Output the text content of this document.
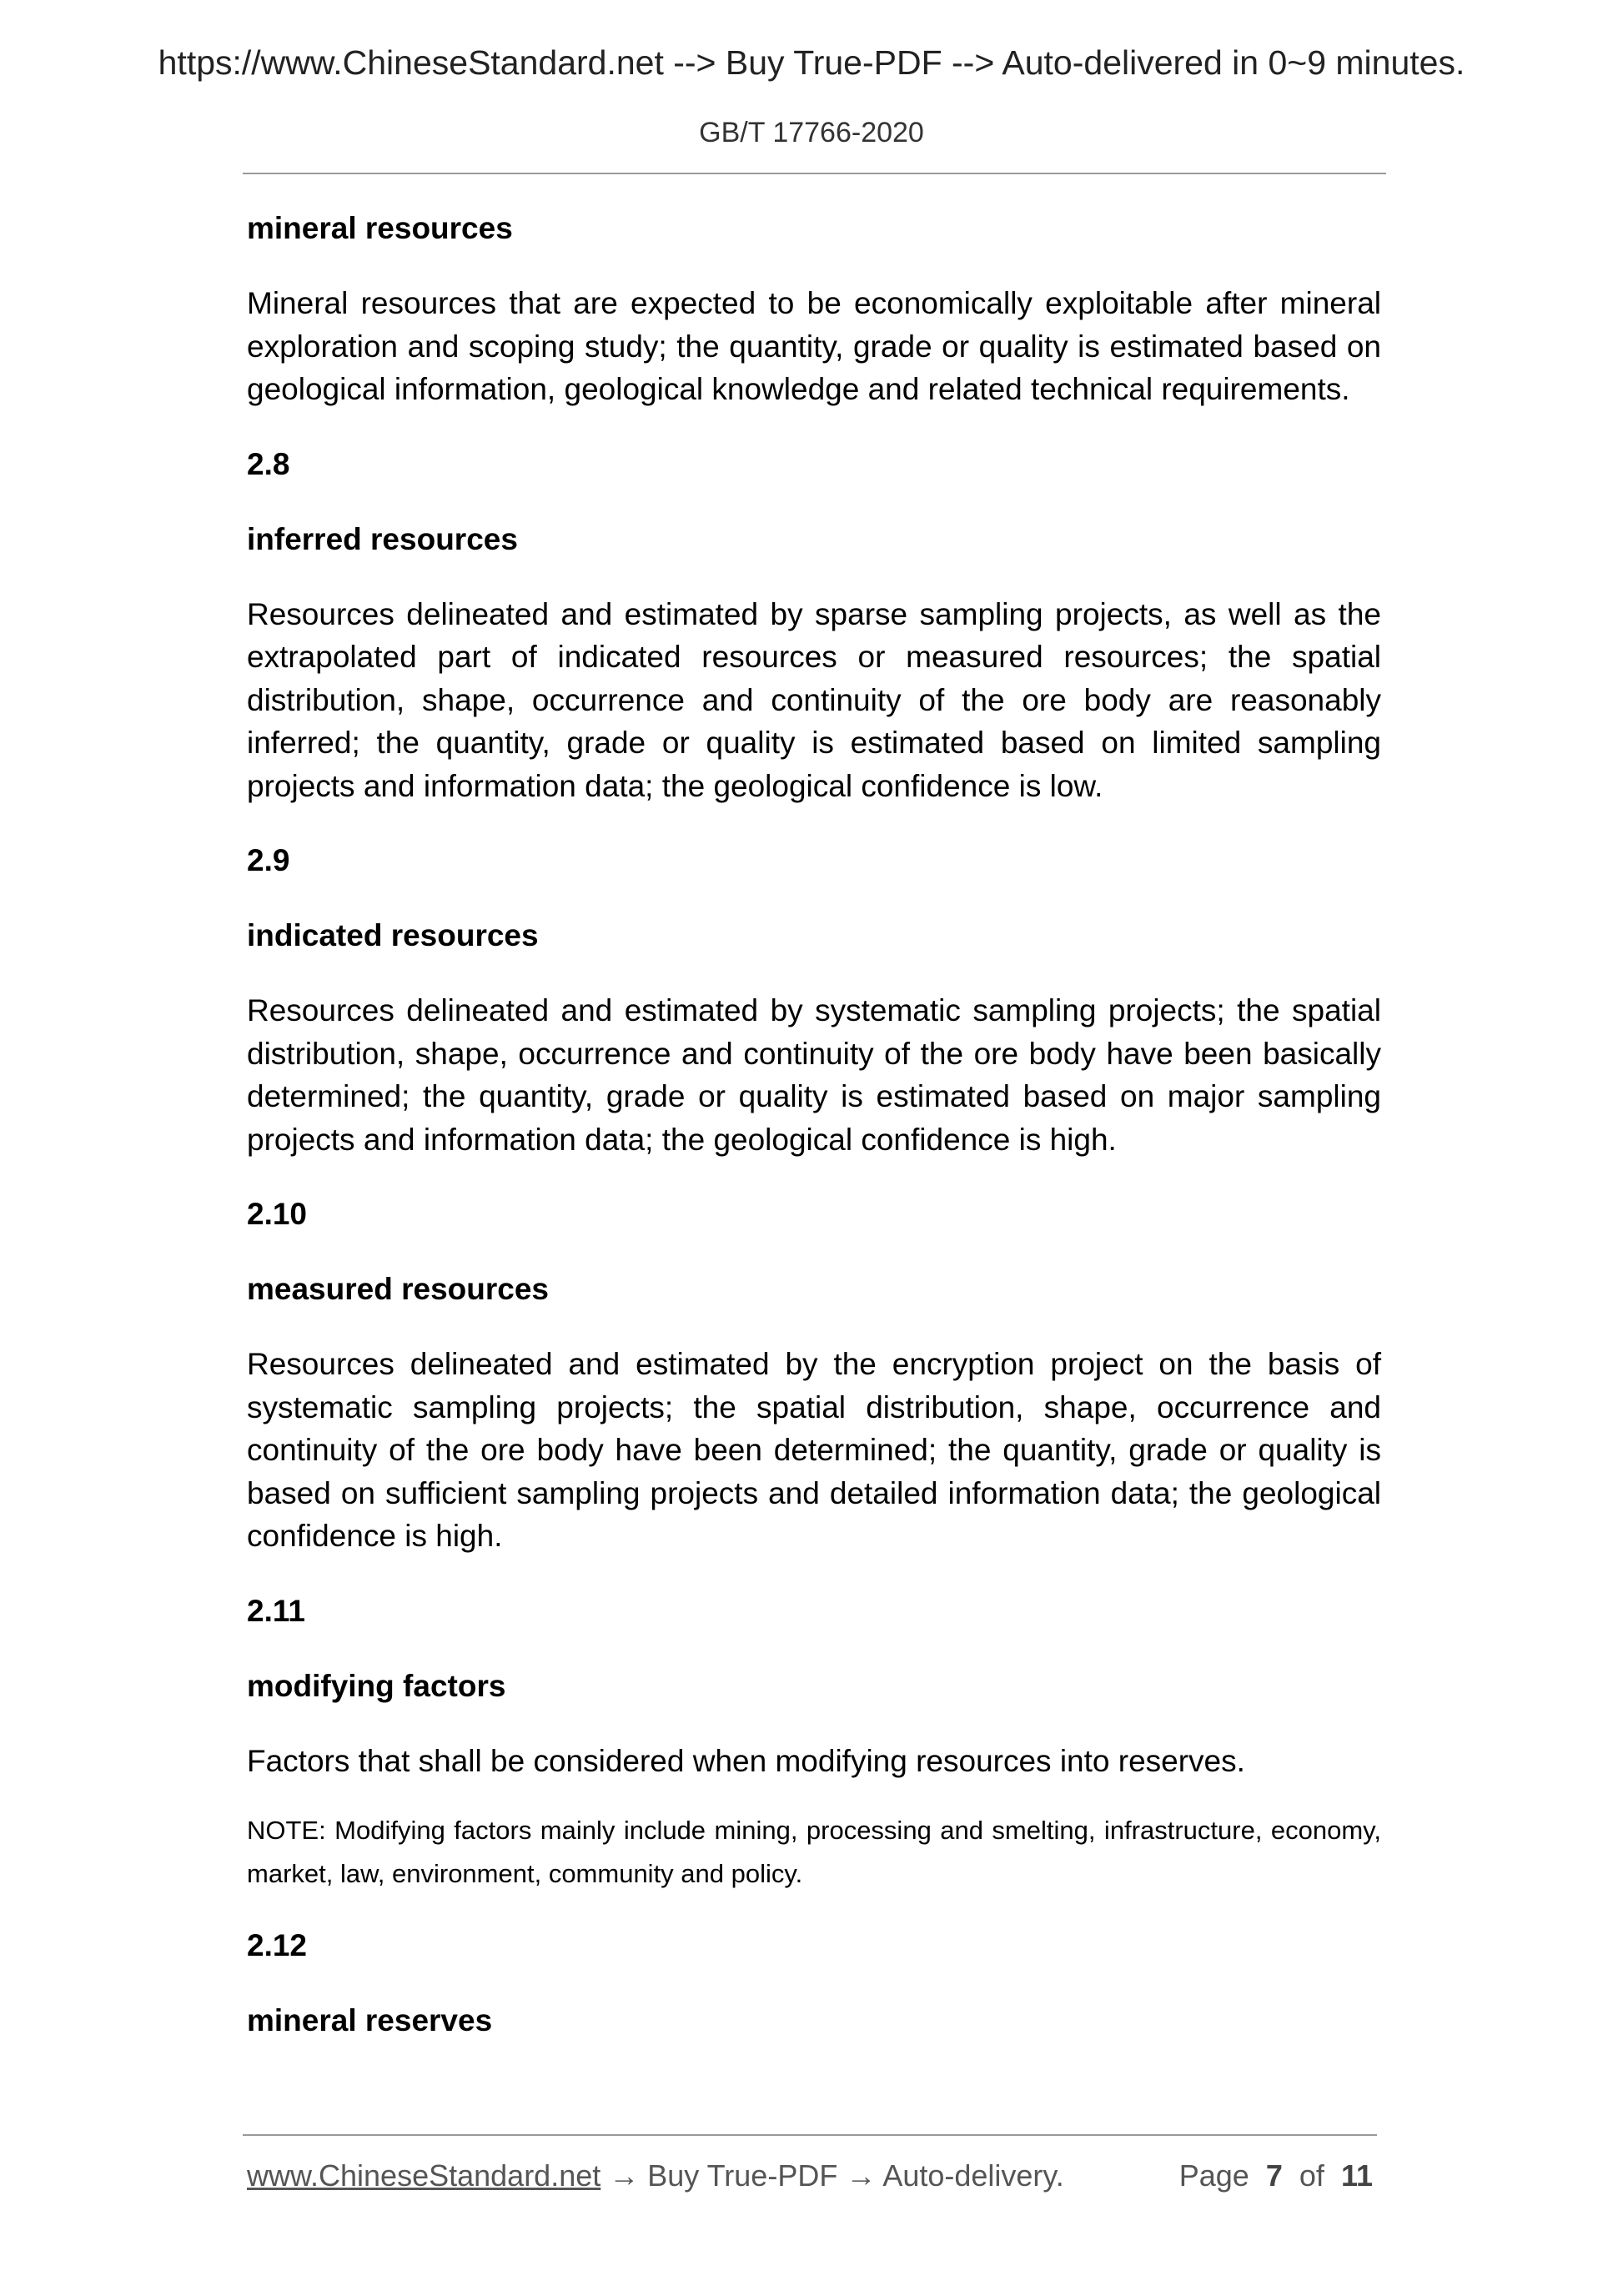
https://www.ChineseStandard.net --> Buy True-PDF --> Auto-delivered in 0~9 minutes.
GB/T 17766-2020
mineral resources
Mineral resources that are expected to be economically exploitable after mineral exploration and scoping study; the quantity, grade or quality is estimated based on geological information, geological knowledge and related technical requirements.
2.8
inferred resources
Resources delineated and estimated by sparse sampling projects, as well as the extrapolated part of indicated resources or measured resources; the spatial distribution, shape, occurrence and continuity of the ore body are reasonably inferred; the quantity, grade or quality is estimated based on limited sampling projects and information data; the geological confidence is low.
2.9
indicated resources
Resources delineated and estimated by systematic sampling projects; the spatial distribution, shape, occurrence and continuity of the ore body have been basically determined; the quantity, grade or quality is estimated based on major sampling projects and information data; the geological confidence is high.
2.10
measured resources
Resources delineated and estimated by the encryption project on the basis of systematic sampling projects; the spatial distribution, shape, occurrence and continuity of the ore body have been determined; the quantity, grade or quality is based on sufficient sampling projects and detailed information data; the geological confidence is high.
2.11
modifying factors
Factors that shall be considered when modifying resources into reserves.
NOTE: Modifying factors mainly include mining, processing and smelting, infrastructure, economy, market, law, environment, community and policy.
2.12
mineral reserves
www.ChineseStandard.net → Buy True-PDF → Auto-delivery.	Page 7 of 11
